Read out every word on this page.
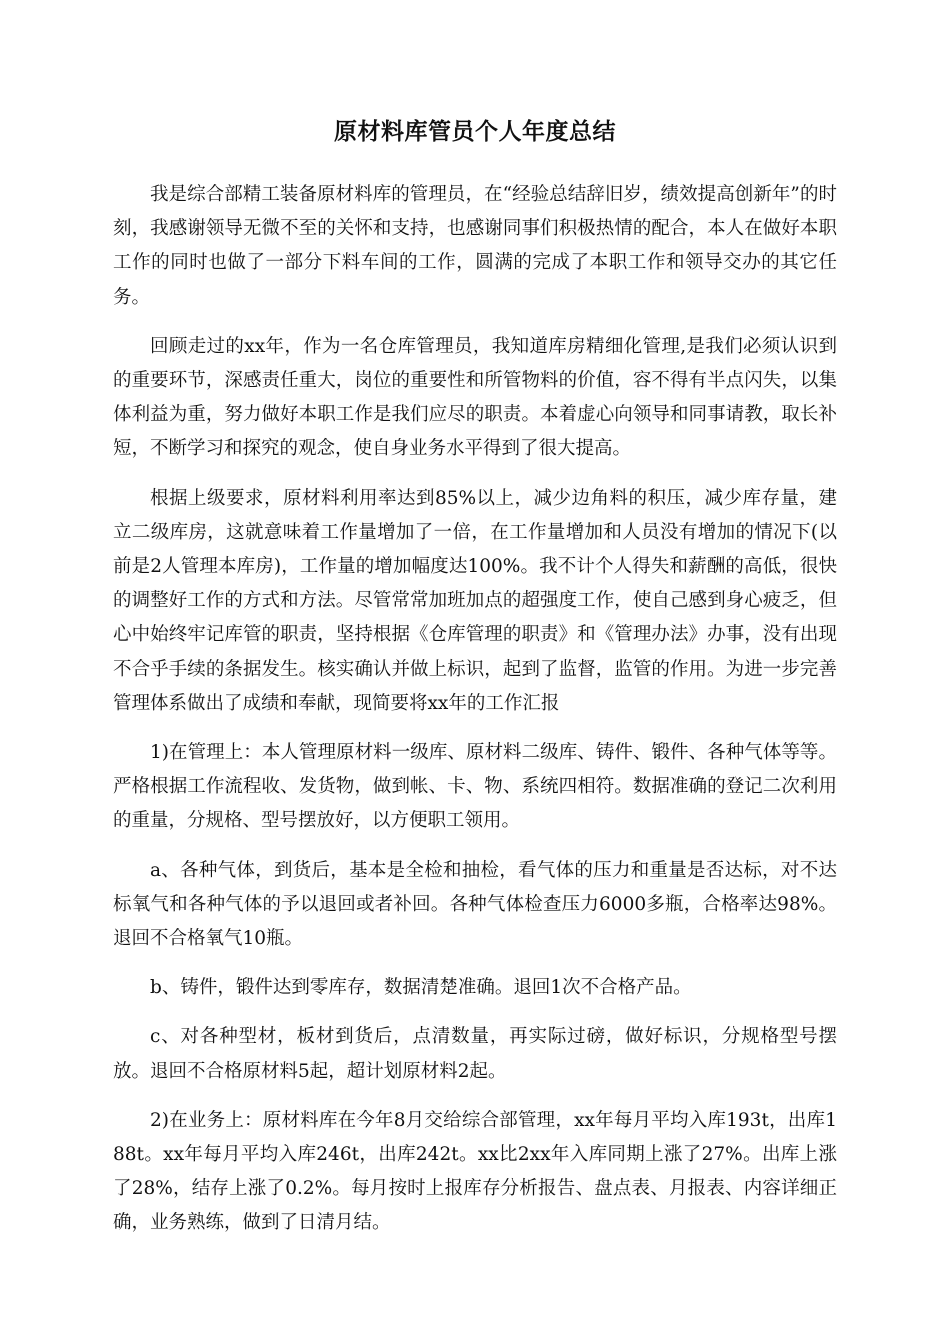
原材料库管员个人年度总结

我是综合部精工装备原材料库的管理员，在“经验总结辞旧岁，绩效提高创新年”的时刻，我感谢领导无微不至的关怀和支持，也感谢同事们积极热情的配合，本人在做好本职工作的同时也做了一部分下料车间的工作，圆满的完成了本职工作和领导交办的其它任务。

回顾走过的xx年，作为一名仓库管理员，我知道库房精细化管理,是我们必须认识到的重要环节，深感责任重大，岗位的重要性和所管物料的价值，容不得有半点闪失，以集体利益为重，努力做好本职工作是我们应尽的职责。本着虚心向领导和同事请教，取长补短，不断学习和探究的观念，使自身业务水平得到了很大提高。

根据上级要求，原材料利用率达到85%以上，减少边角料的积压，减少库存量，建立二级库房，这就意味着工作量增加了一倍，在工作量增加和人员没有增加的情况下(以前是2人管理本库房)，工作量的增加幅度达100%。我不计个人得失和薪酬的高低，很快的调整好工作的方式和方法。尽管常常加班加点的超强度工作，使自己感到身心疲乏，但心中始终牢记库管的职责，坚持根据《仓库管理的职责》和《管理办法》办事，没有出现不合乎手续的条据发生。核实确认并做上标识，起到了监督，监管的作用。为进一步完善管理体系做出了成绩和奉献，现简要将xx年的工作汇报

1)在管理上：本人管理原材料一级库、原材料二级库、铸件、锻件、各种气体等等。严格根据工作流程收、发货物，做到帐、卡、物、系统四相符。数据准确的登记二次利用的重量，分规格、型号摆放好，以方便职工领用。

a、各种气体，到货后，基本是全检和抽检，看气体的压力和重量是否达标，对不达标氧气和各种气体的予以退回或者补回。各种气体检查压力6000多瓶，合格率达98%。退回不合格氧气10瓶。

b、铸件，锻件达到零库存，数据清楚准确。退回1次不合格产品。

c、对各种型材，板材到货后，点清数量，再实际过磅，做好标识，分规格型号摆放。退回不合格原材料5起，超计划原材料2起。

2)在业务上：原材料库在今年8月交给综合部管理，xx年每月平均入库193t，出库188t。xx年每月平均入库246t，出库242t。xx比2xx年入库同期上涨了27%。出库上涨了28%，结存上涨了0.2%。每月按时上报库存分析报告、盘点表、月报表、内容详细正确，业务熟练，做到了日清月结。
